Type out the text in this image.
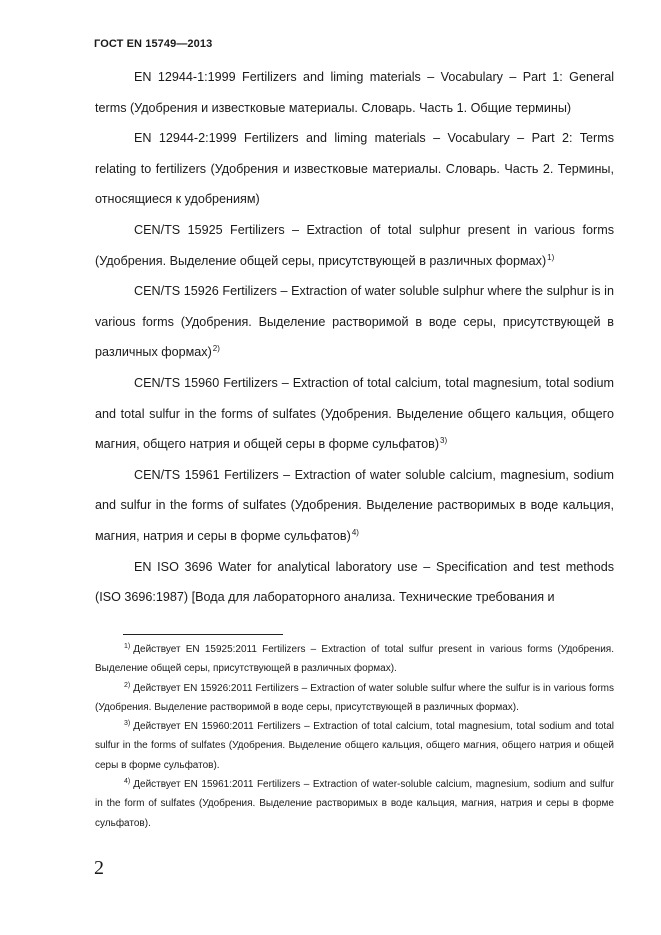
ГОСТ EN 15749—2013

EN 12944-1:1999 Fertilizers and liming materials – Vocabulary – Part 1: General terms (Удобрения и известковые материалы. Словарь. Часть 1. Общие термины)

EN 12944-2:1999 Fertilizers and liming materials – Vocabulary – Part 2: Terms relating to fertilizers (Удобрения и известковые материалы. Словарь. Часть 2. Термины, относящиеся к удобрениям)

CEN/TS 15925 Fertilizers – Extraction of total sulphur present in various forms (Удобрения. Выделение общей серы, присутствующей в различных формах)$^{1)}$

CEN/TS 15926 Fertilizers – Extraction of water soluble sulphur where the sulphur is in various forms (Удобрения. Выделение растворимой в воде серы, присутствующей в различных формах)$^{2)}$

CEN/TS 15960 Fertilizers – Extraction of total calcium, total magnesium, total sodium and total sulfur in the forms of sulfates (Удобрения. Выделение общего кальция, общего магния, общего натрия и общей серы в форме сульфатов)$^{3)}$

CEN/TS 15961 Fertilizers – Extraction of water soluble calcium, magnesium, sodium and sulfur in the forms of sulfates (Удобрения. Выделение растворимых в воде кальция, магния, натрия и серы в форме сульфатов)$^{4)}$

EN ISO 3696 Water for analytical laboratory use – Specification and test methods (ISO 3696:1987) [Вода для лабораторного анализа. Технические требования и

$^{1)}$ Действует EN 15925:2011 Fertilizers – Extraction of total sulfur present in various forms (Удобрения. Выделение общей серы, присутствующей в различных формах).

$^{2)}$ Действует EN 15926:2011 Fertilizers – Extraction of water soluble sulfur where the sulfur is in various forms (Удобрения. Выделение растворимой в воде серы, присутствующей в различных формах).

$^{3)}$ Действует EN 15960:2011 Fertilizers – Extraction of total calcium, total magnesium, total sodium and total sulfur in the forms of sulfates (Удобрения. Выделение общего кальция, общего магния, общего натрия и общей серы в форме сульфатов).

$^{4)}$ Действует EN 15961:2011 Fertilizers – Extraction of water-soluble calcium, magnesium, sodium and sulfur in the form of sulfates (Удобрения. Выделение растворимых в воде кальция, магния, натрия и серы в форме сульфатов).

2
